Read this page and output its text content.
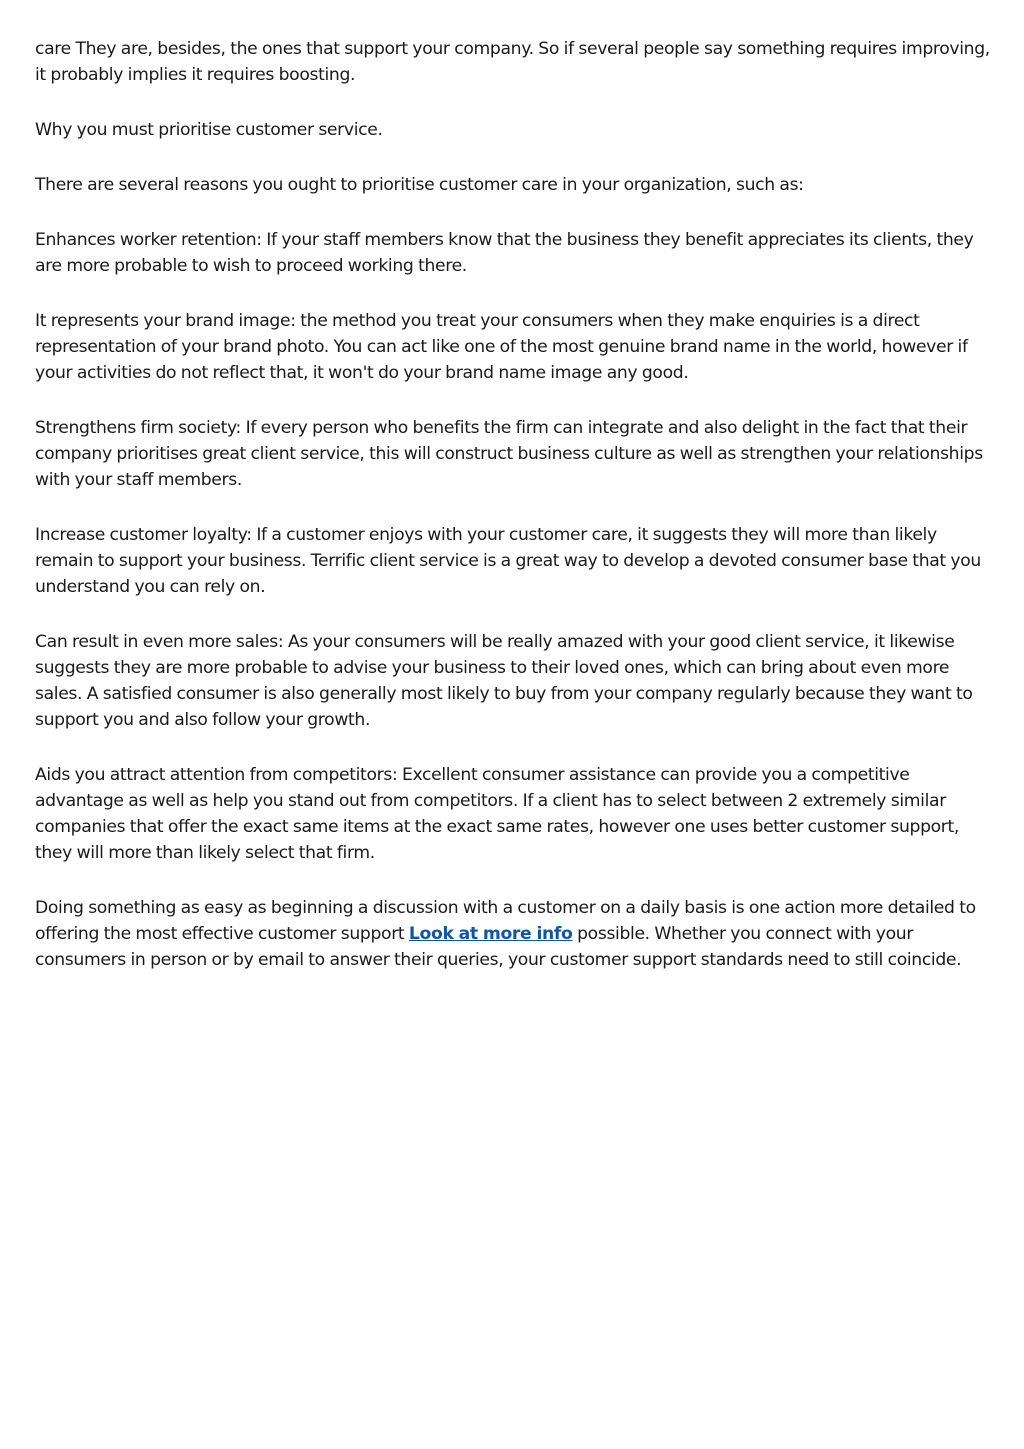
care They are, besides, the ones that support your company. So if several people say something requires improving, it probably implies it requires boosting.

Why you must prioritise customer service.

There are several reasons you ought to prioritise customer care in your organization, such as:

Enhances worker retention: If your staff members know that the business they benefit appreciates its clients, they are more probable to wish to proceed working there.

It represents your brand image: the method you treat your consumers when they make enquiries is a direct representation of your brand photo. You can act like one of the most genuine brand name in the world, however if your activities do not reflect that, it won't do your brand name image any good.

Strengthens firm society: If every person who benefits the firm can integrate and also delight in the fact that their company prioritises great client service, this will construct business culture as well as strengthen your relationships with your staff members.

Increase customer loyalty: If a customer enjoys with your customer care, it suggests they will more than likely remain to support your business. Terrific client service is a great way to develop a devoted consumer base that you understand you can rely on.

Can result in even more sales: As your consumers will be really amazed with your good client service, it likewise suggests they are more probable to advise your business to their loved ones, which can bring about even more sales. A satisfied consumer is also generally most likely to buy from your company regularly because they want to support you and also follow your growth.

Aids you attract attention from competitors: Excellent consumer assistance can provide you a competitive advantage as well as help you stand out from competitors. If a client has to select between 2 extremely similar companies that offer the exact same items at the exact same rates, however one uses better customer support, they will more than likely select that firm.

Doing something as easy as beginning a discussion with a customer on a daily basis is one action more detailed to offering the most effective customer support Look at more info possible. Whether you connect with your consumers in person or by email to answer their queries, your customer support standards need to still coincide.
